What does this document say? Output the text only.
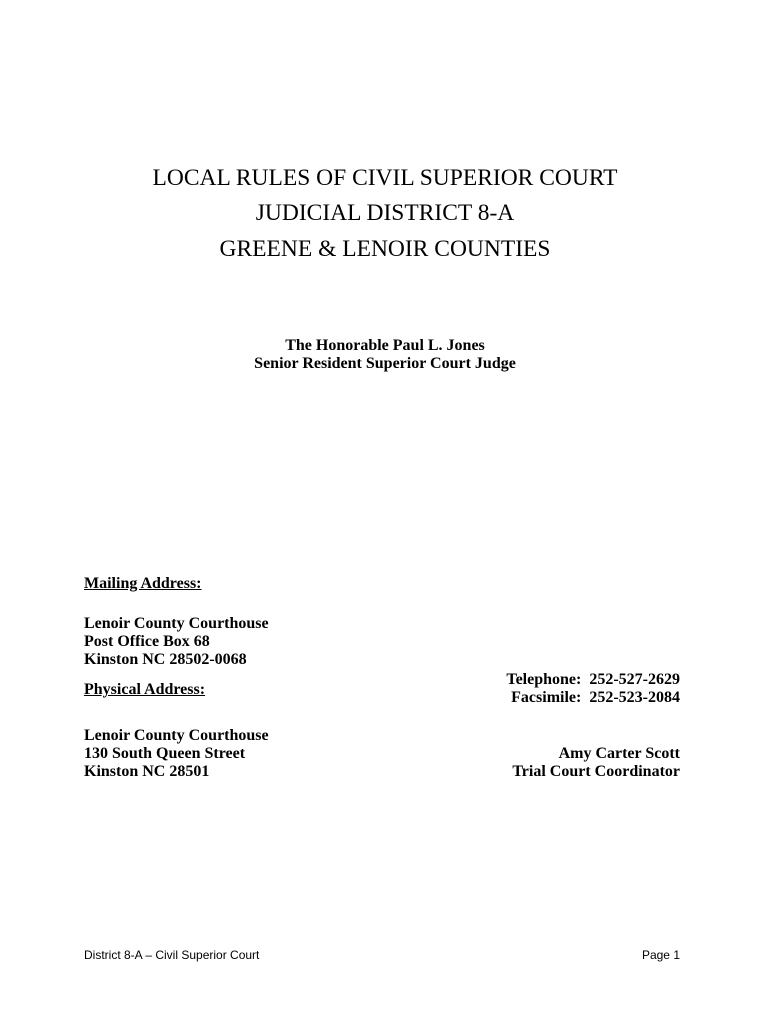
LOCAL RULES OF CIVIL SUPERIOR COURT
JUDICIAL DISTRICT 8-A
GREENE & LENOIR COUNTIES
The Honorable Paul L. Jones
Senior Resident Superior Court Judge
Mailing Address:
Lenoir County Courthouse
Post Office Box 68
Kinston NC 28502-0068
Physical Address:
Lenoir County Courthouse
130 South Queen Street
Kinston NC 28501
Telephone:  252-527-2629
Facsimile:  252-523-2084
Amy Carter Scott
Trial Court Coordinator
District 8-A – Civil Superior Court	Page 1
